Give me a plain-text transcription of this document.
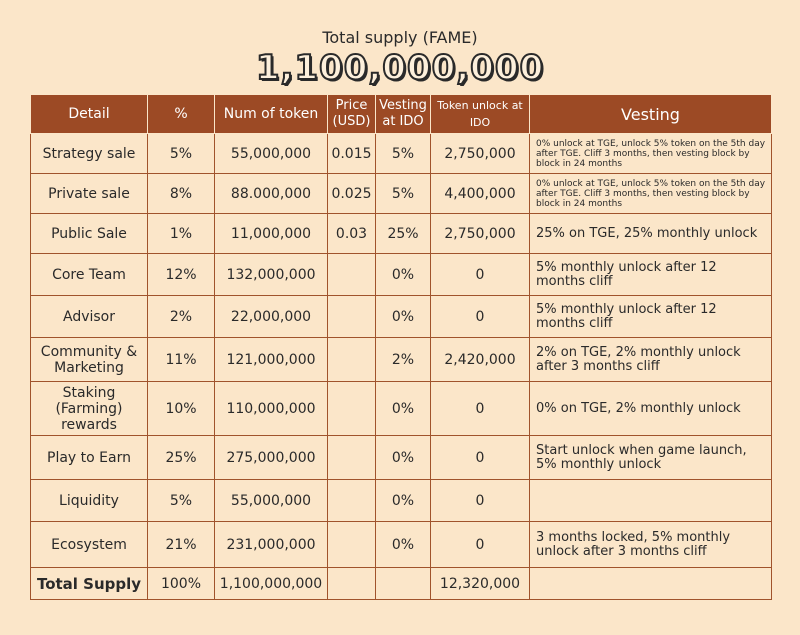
Total supply (FAME)
1,100,000,000
Detail	%	Num of token	Price (USD)	Vesting at IDO	Token unlock at IDO	Vesting
Strategy sale	5%	55,000,000	0.015	5%	2,750,000	0% unlock at TGE, unlock 5% token on the 5th day after TGE. Cliff 3 months, then vesting block by block in 24 months
Private sale	8%	88.000,000	0.025	5%	4,400,000	0% unlock at TGE, unlock 5% token on the 5th day after TGE. Cliff 3 months, then vesting block by block in 24 months
Public Sale	1%	11,000,000	0.03	25%	2,750,000	25% on TGE, 25% monthly unlock
Core Team	12%	132,000,000		0%	0	5% monthly unlock after 12 months cliff
Advisor	2%	22,000,000		0%	0	5% monthly unlock after 12 months cliff
Community & Marketing	11%	121,000,000		2%	2,420,000	2% on TGE, 2% monthly unlock after 3 months cliff
Staking (Farming) rewards	10%	110,000,000		0%	0	0% on TGE, 2% monthly unlock
Play to Earn	25%	275,000,000		0%	0	Start unlock when game launch, 5% monthly unlock
Liquidity	5%	55,000,000		0%	0	
Ecosystem	21%	231,000,000		0%	0	3 months locked, 5% monthly unlock after 3 months cliff
Total Supply	100%	1,100,000,000			12,320,000	
